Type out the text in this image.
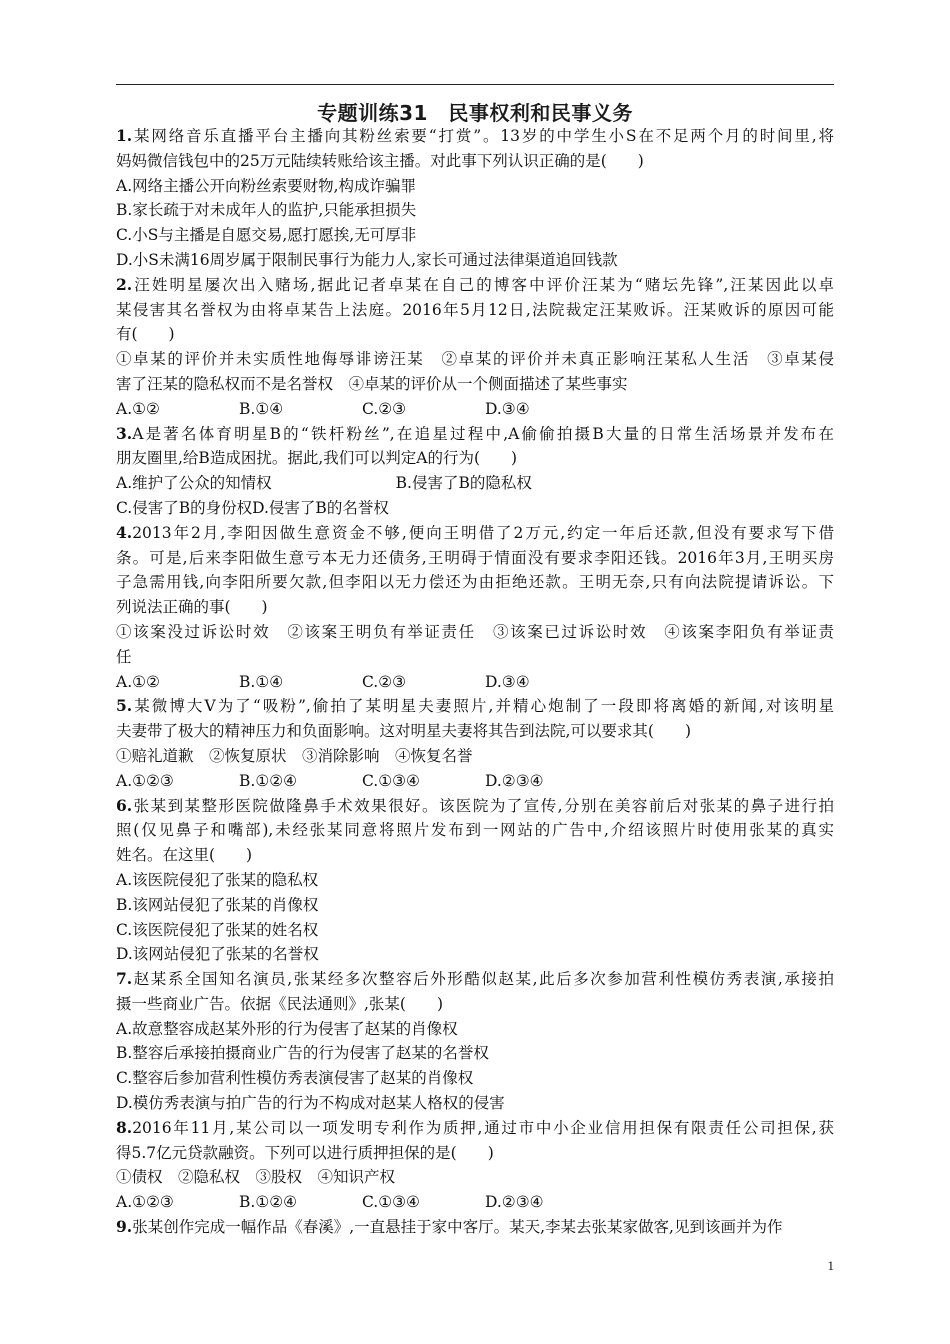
专题训练31　民事权利和民事义务
1.某网络音乐直播平台主播向其粉丝索要“打赏”。13岁的中学生小S在不足两个月的时间里,将
妈妈微信钱包中的25万元陆续转账给该主播。对此事下列认识正确的是(　　)
A.网络主播公开向粉丝索要财物,构成诈骗罪
B.家长疏于对未成年人的监护,只能承担损失
C.小S与主播是自愿交易,愿打愿挨,无可厚非
D.小S未满16周岁属于限制民事行为能力人,家长可通过法律渠道追回钱款
2.汪姓明星屡次出入赌场,据此记者卓某在自己的博客中评价汪某为“赌坛先锋”,汪某因此以卓
某侵害其名誉权为由将卓某告上法庭。2016年5月12日,法院裁定汪某败诉。汪某败诉的原因可能
有(　　)
①卓某的评价并未实质性地侮辱诽谤汪某　②卓某的评价并未真正影响汪某私人生活　③卓某侵
害了汪某的隐私权而不是名誉权　④卓某的评价从一个侧面描述了某些事实
A.①②	B.①④	C.②③	D.③④
3.A是著名体育明星B的“铁杆粉丝”,在追星过程中,A偷偷拍摄B大量的日常生活场景并发布在
朋友圈里,给B造成困扰。据此,我们可以判定A的行为(　　)
A.维护了公众的知情权　　　　　　　　B.侵害了B的隐私权
C.侵害了B的身份权D.侵害了B的名誉权
4.2013年2月,李阳因做生意资金不够,便向王明借了2万元,约定一年后还款,但没有要求写下借
条。可是,后来李阳做生意亏本无力还债务,王明碍于情面没有要求李阳还钱。2016年3月,王明买房
子急需用钱,向李阳所要欠款,但李阳以无力偿还为由拒绝还款。王明无奈,只有向法院提请诉讼。下
列说法正确的事(　　)
①该案没过诉讼时效　②该案王明负有举证责任　③该案已过诉讼时效　④该案李阳负有举证责
任
A.①②	B.①④	C.②③	D.③④
5.某微博大V为了“吸粉”,偷拍了某明星夫妻照片,并精心炮制了一段即将离婚的新闻,对该明星
夫妻带了极大的精神压力和负面影响。这对明星夫妻将其告到法院,可以要求其(　　)
①赔礼道歉　②恢复原状　③消除影响　④恢复名誉
A.①②③	B.①②④	C.①③④	D.②③④
6.张某到某整形医院做隆鼻手术效果很好。该医院为了宣传,分别在美容前后对张某的鼻子进行拍
照(仅见鼻子和嘴部),未经张某同意将照片发布到一网站的广告中,介绍该照片时使用张某的真实
姓名。在这里(　　)
A.该医院侵犯了张某的隐私权
B.该网站侵犯了张某的肖像权
C.该医院侵犯了张某的姓名权
D.该网站侵犯了张某的名誉权
7.赵某系全国知名演员,张某经多次整容后外形酷似赵某,此后多次参加营利性模仿秀表演,承接拍
摄一些商业广告。依据《民法通则》,张某(　　)
A.故意整容成赵某外形的行为侵害了赵某的肖像权
B.整容后承接拍摄商业广告的行为侵害了赵某的名誉权
C.整容后参加营利性模仿秀表演侵害了赵某的肖像权
D.模仿秀表演与拍广告的行为不构成对赵某人格权的侵害
8.2016年11月,某公司以一项发明专利作为质押,通过市中小企业信用担保有限责任公司担保,获
得5.7亿元贷款融资。下列可以进行质押担保的是(　　)
①债权　②隐私权　③股权　④知识产权
A.①②③	B.①②④	C.①③④	D.②③④
9.张某创作完成一幅作品《春溪》,一直悬挂于家中客厅。某天,李某去张某家做客,见到该画并为作
1
